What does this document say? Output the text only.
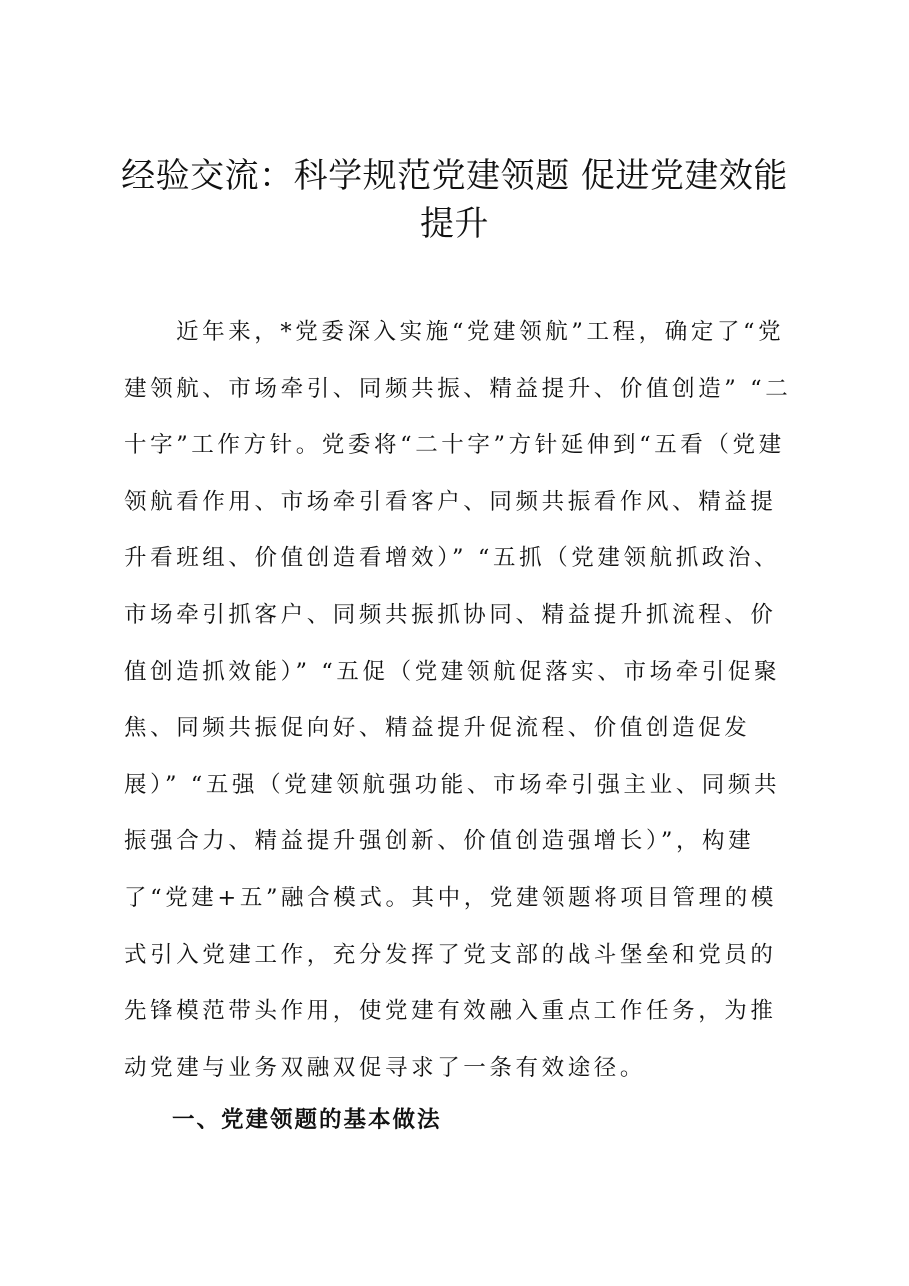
经验交流：科学规范党建领题 促进党建效能提升

近年来，*党委深入实施“党建领航”工程，确定了“党建领航、市场牵引、同频共振、精益提升、价值创造” “二十字”工作方针。党委将“二十字”方针延伸到“五看（党建领航看作用、市场牵引看客户、同频共振看作风、精益提升看班组、价值创造看增效）” “五抓（党建领航抓政治、市场牵引抓客户、同频共振抓协同、精益提升抓流程、价值创造抓效能）” “五促（党建领航促落实、市场牵引促聚焦、同频共振促向好、精益提升促流程、价值创造促发展）” “五强（党建领航强功能、市场牵引强主业、同频共振强合力、精益提升强创新、价值创造强增长）”，构建了“党建+五”融合模式。其中，党建领题将项目管理的模式引入党建工作，充分发挥了党支部的战斗堡垒和党员的先锋模范带头作用，使党建有效融入重点工作任务，为推动党建与业务双融双促寻求了一条有效途径。

一、党建领题的基本做法
